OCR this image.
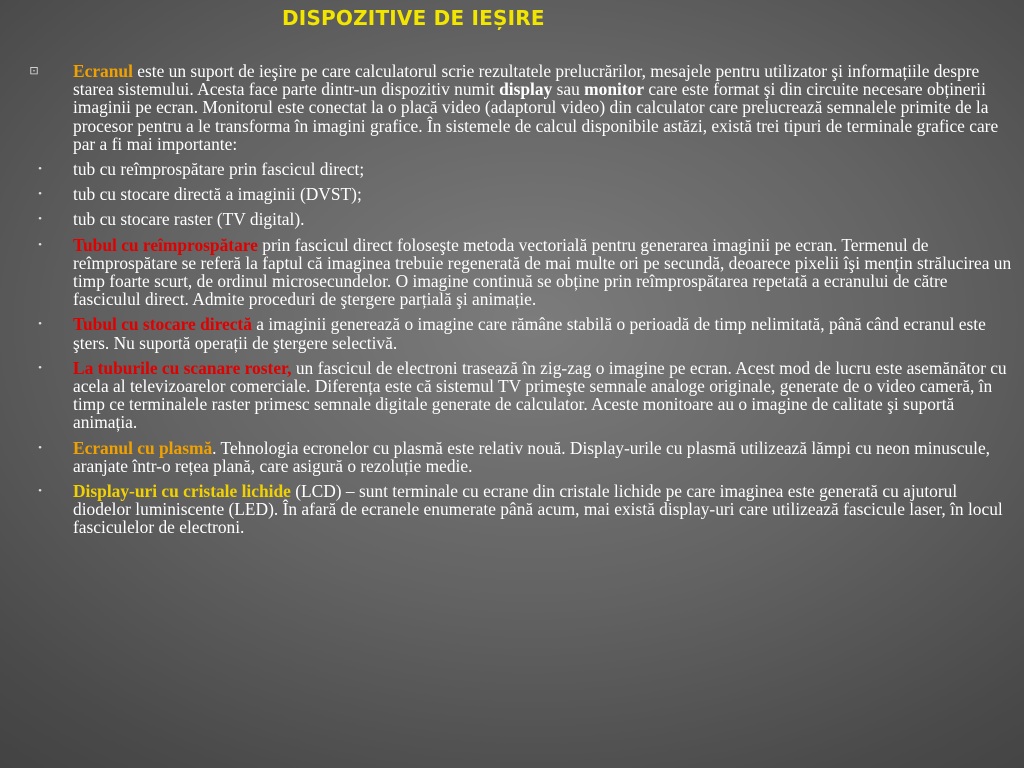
DISPOZITIVE DE IEȘIRE
⊡	Ecranul este un suport de ieşire pe care calculatorul scrie rezultatele prelucrărilor, mesajele pentru utilizator şi informațiile despre starea sistemului. Acesta face parte dintr-un dispozitiv numit display sau monitor care este format şi din circuite necesare obținerii imaginii pe ecran. Monitorul este conectat la o placă video (adaptorul video) din calculator care prelucrează semnalele primite de la procesor pentru a le transforma în imagini grafice. În sistemele de calcul disponibile astăzi, există trei tipuri de terminale grafice care par a fi mai importante:
•	tub cu reîmprospătare prin fascicul direct;
•	tub cu stocare directă a imaginii (DVST);
•	tub cu stocare raster (TV digital).
•	Tubul cu reîmprospătare prin fascicul direct foloseşte metoda vectorială pentru generarea imaginii pe ecran. Termenul de reîmprospătare se referă la faptul că imaginea trebuie regenerată de mai multe ori pe secundă, deoarece pixelii îşi mențin strălucirea un timp foarte scurt, de ordinul microsecundelor. O imagine continuă se obține prin reîmprospătarea repetată a ecranului de către fasciculul direct. Admite proceduri de ştergere parțială şi animație.
•	Tubul cu stocare directă a imaginii generează o imagine care rămâne stabilă o perioadă de timp nelimitată, până când ecranul este şters. Nu suportă operații de ştergere selectivă.
•	La tuburile cu scanare roster, un fascicul de electroni trasează în zig-zag o imagine pe ecran. Acest mod de lucru este asemănător cu acela al televizoarelor comerciale. Diferența este că sistemul TV primeşte semnale analoge originale, generate de o video cameră, în timp ce terminalele raster primesc semnale digitale generate de calculator. Aceste monitoare au o imagine de calitate şi suportă animația.
•	Ecranul cu plasmă. Tehnologia ecronelor cu plasmă este relativ nouă. Display-urile cu plasmă utilizează lămpi cu neon minuscule, aranjate într-o rețea plană, care asigură o rezoluție medie.
•	Display-uri cu cristale lichide (LCD) – sunt terminale cu ecrane din cristale lichide pe care imaginea este generată cu ajutorul diodelor luminiscente (LED). În afară de ecranele enumerate până acum, mai există display-uri care utilizează fascicule laser, în locul fasciculelor de electroni.
